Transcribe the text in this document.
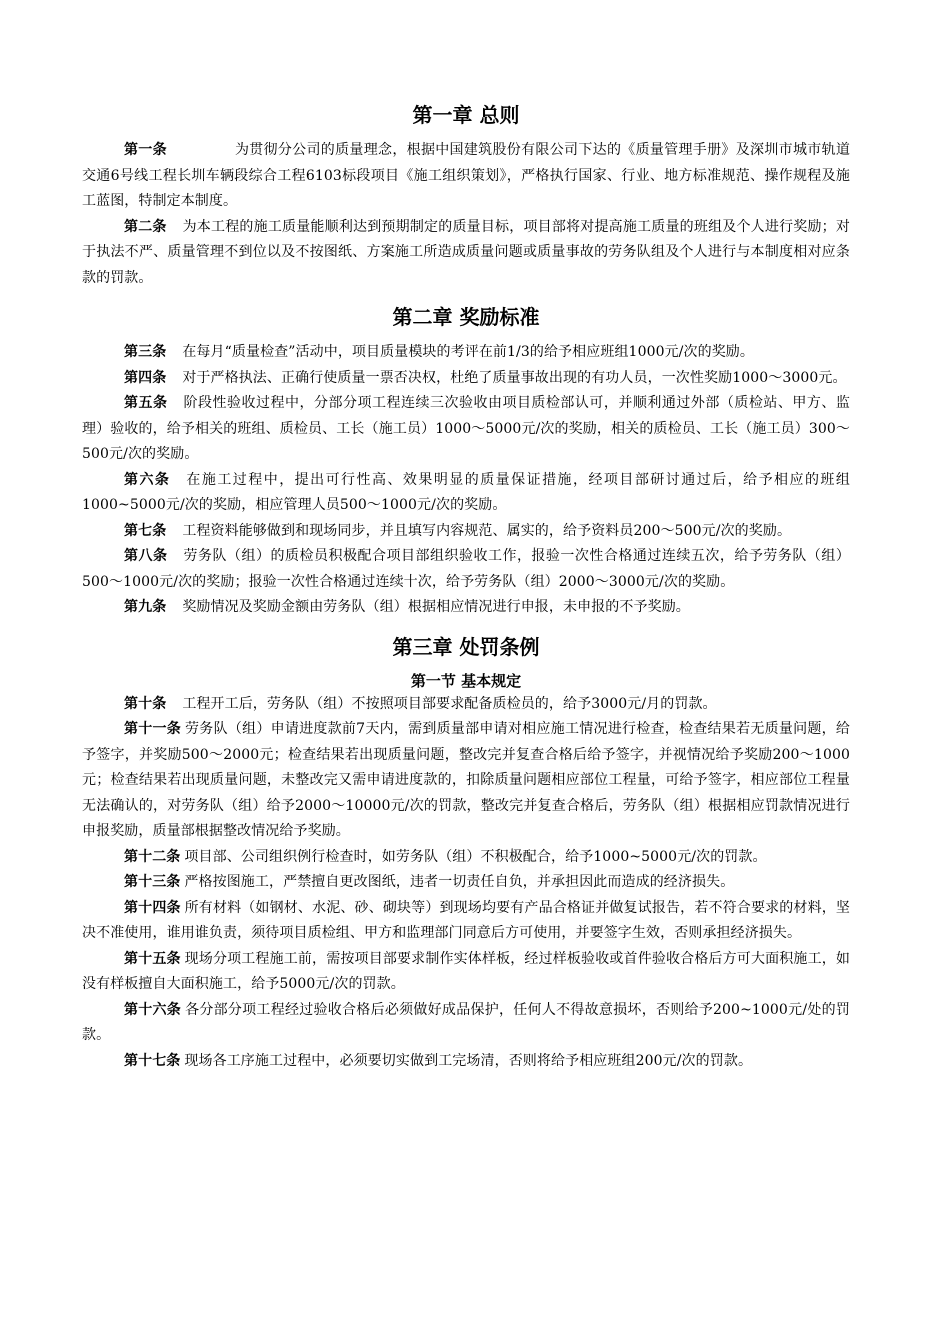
第一章 总则

第一条	为贯彻分公司的质量理念，根据中国建筑股份有限公司下达的《质量管理手册》及深圳市城市轨道交通6号线工程长圳车辆段综合工程6103标段项目《施工组织策划》，严格执行国家、行业、地方标准规范、操作规程及施工蓝图，特制定本制度。

第二条 为本工程的施工质量能顺利达到预期制定的质量目标，项目部将对提高施工质量的班组及个人进行奖励；对于执法不严、质量管理不到位以及不按图纸、方案施工所造成质量问题或质量事故的劳务队组及个人进行与本制度相对应条款的罚款。

第二章 奖励标准

第三条 在每月“质量检查”活动中，项目质量模块的考评在前1/3的给予相应班组1000元/次的奖励。

第四条 对于严格执法、正确行使质量一票否决权，杜绝了质量事故出现的有功人员，一次性奖励1000～3000元。

第五条 阶段性验收过程中，分部分项工程连续三次验收由项目质检部认可，并顺利通过外部（质检站、甲方、监理）验收的，给予相关的班组、质检员、工长（施工员）1000～5000元/次的奖励，相关的质检员、工长（施工员）300～500元/次的奖励。

第六条 在施工过程中，提出可行性高、效果明显的质量保证措施，经项目部研讨通过后，给予相应的班组1000~5000元/次的奖励，相应管理人员500～1000元/次的奖励。

第七条 工程资料能够做到和现场同步，并且填写内容规范、属实的，给予资料员200～500元/次的奖励。

第八条 劳务队（组）的质检员积极配合项目部组织验收工作，报验一次性合格通过连续五次，给予劳务队（组）500～1000元/次的奖励；报验一次性合格通过连续十次，给予劳务队（组）2000～3000元/次的奖励。

第九条 奖励情况及奖励金额由劳务队（组）根据相应情况进行申报，未申报的不予奖励。

第三章 处罚条例
第一节 基本规定

第十条 工程开工后，劳务队（组）不按照项目部要求配备质检员的，给予3000元/月的罚款。

第十一条 劳务队（组）申请进度款前7天内，需到质量部申请对相应施工情况进行检查，检查结果若无质量问题，给予签字，并奖励500～2000元；检查结果若出现质量问题，整改完并复查合格后给予签字，并视情况给予奖励200～1000元；检查结果若出现质量问题，未整改完又需申请进度款的，扣除质量问题相应部位工程量，可给予签字，相应部位工程量无法确认的，对劳务队（组）给予2000～10000元/次的罚款，整改完并复查合格后，劳务队（组）根据相应罚款情况进行申报奖励，质量部根据整改情况给予奖励。

第十二条 项目部、公司组织例行检查时，如劳务队（组）不积极配合，给予1000~5000元/次的罚款。

第十三条 严格按图施工，严禁擅自更改图纸，违者一切责任自负，并承担因此而造成的经济损失。

第十四条 所有材料（如钢材、水泥、砂、砌块等）到现场均要有产品合格证并做复试报告，若不符合要求的材料，坚决不准使用，谁用谁负责，须待项目质检组、甲方和监理部门同意后方可使用，并要签字生效，否则承担经济损失。

第十五条 现场分项工程施工前，需按项目部要求制作实体样板，经过样板验收或首件验收合格后方可大面积施工，如没有样板擅自大面积施工，给予5000元/次的罚款。

第十六条 各分部分项工程经过验收合格后必须做好成品保护，任何人不得故意损坏，否则给予200~1000元/处的罚款。

第十七条 现场各工序施工过程中，必须要切实做到工完场清，否则将给予相应班组200元/次的罚款。
